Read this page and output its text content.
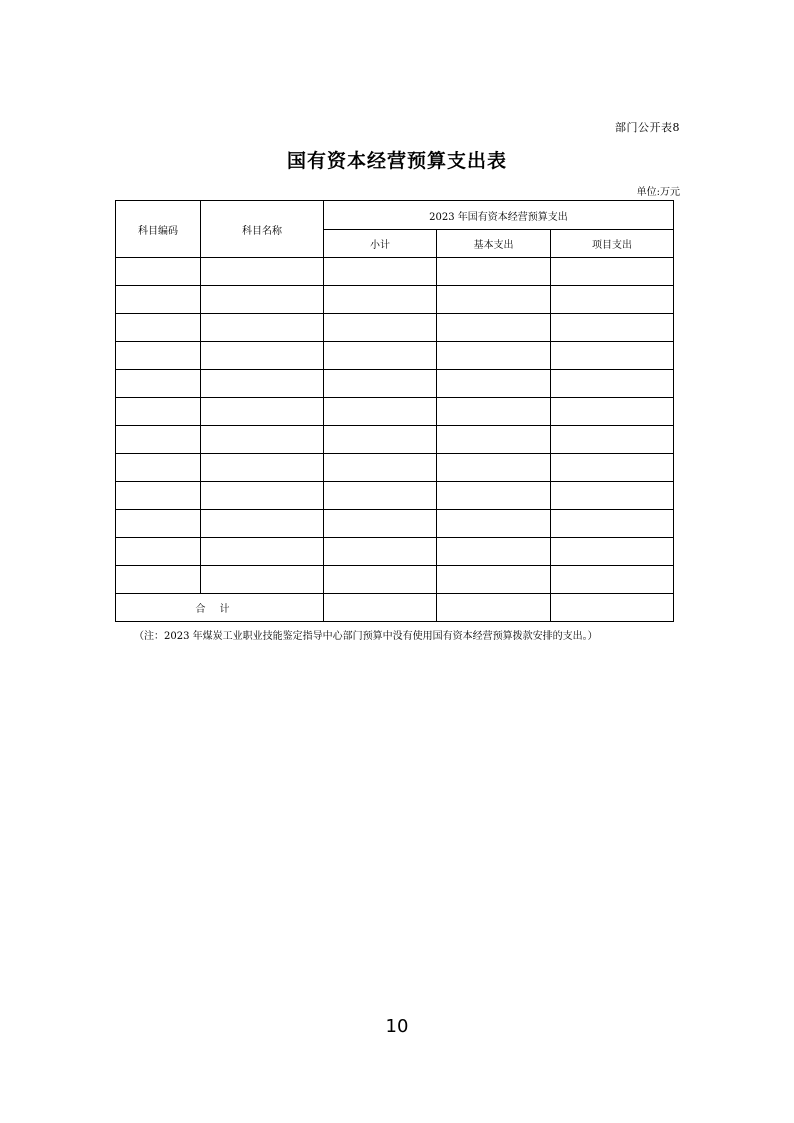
部门公开表8
国有资本经营预算支出表
单位:万元
科目编码	科目名称	2023 年国有资本经营预算支出		
		小计	基本支出	项目支出

合计				
（注：2023 年煤炭工业职业技能鉴定指导中心部门预算中没有使用国有资本经营预算拨款安排的支出。）
10
